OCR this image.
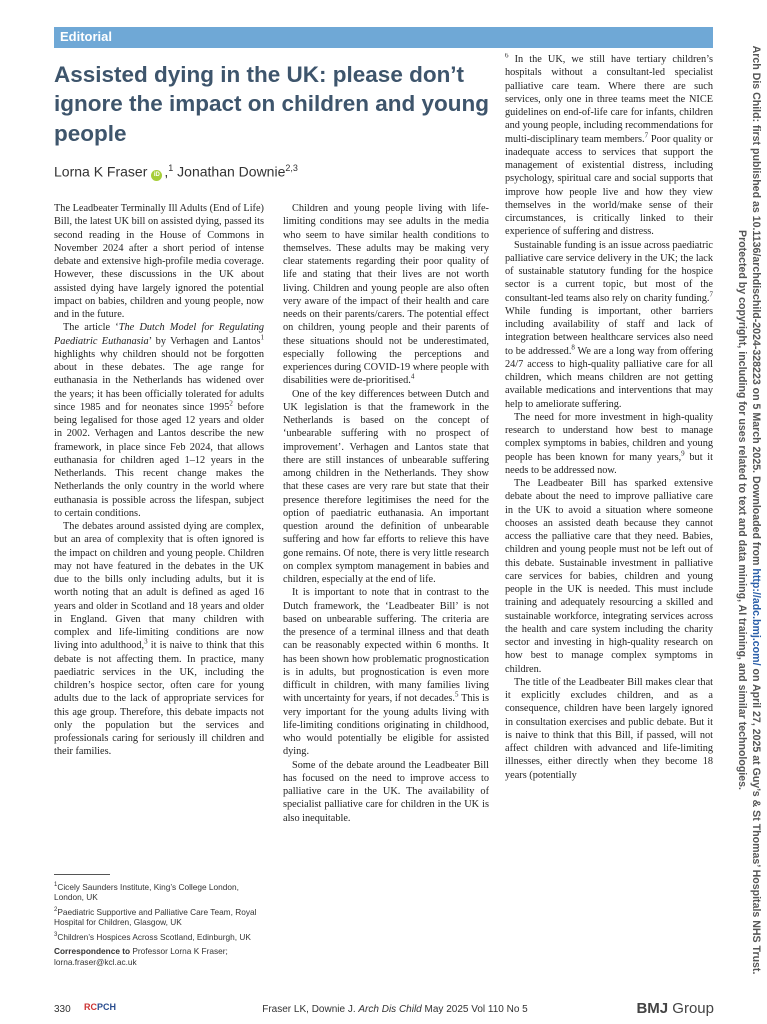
Editorial
Assisted dying in the UK: please don’t ignore the impact on children and young people
Lorna K Fraser iD ,$^1$ Jonathan Downie$^{2,3}$

The Leadbeater Terminally Ill Adults (End of Life) Bill, the latest UK bill on assisted dying, passed its second reading in the House of Commons in November 2024 after a short period of intense debate and extensive high-profile media coverage. However, these discussions in the UK about assisted dying have largely ignored the potential impact on babies, children and young people, now and in the future.

The article ‘The Dutch Model for Regulating Paediatric Euthanasia’ by Verhagen and Lantos$^1$ highlights why children should not be forgotten about in these debates. The age range for euthanasia in the Netherlands has widened over the years; it has been officially tolerated for adults since 1985 and for neonates since 1995$^2$ before being legalised for those aged 12 years and older in 2002. Verhagen and Lantos describe the new framework, in place since Feb 2024, that allows euthanasia for children aged 1–12 years in the Netherlands. This recent change makes the Netherlands the only country in the world where euthanasia is possible across the lifespan, subject to certain conditions.

The debates around assisted dying are complex, but an area of complexity that is often ignored is the impact on children and young people. Children may not have featured in the debates in the UK due to the bills only including adults, but it is worth noting that an adult is defined as aged 16 years and older in Scotland and 18 years and older in England. Given that many children with complex and life-limiting conditions are now living into adulthood,$^3$ it is naive to think that this debate is not affecting them. In practice, many paediatric services in the UK, including the children’s hospice sector, often care for young adults due to the lack of appropriate services for this age group. Therefore, this debate impacts not only the population but the services and professionals caring for seriously ill children and their families.

Children and young people living with life-limiting conditions may see adults in the media who seem to have similar health conditions to themselves. These adults may be making very clear statements regarding their poor quality of life and stating that their lives are not worth living. Children and young people are also often very aware of the impact of their health and care needs on their parents/carers. The potential effect on children, young people and their parents of these situations should not be underestimated, especially following the perceptions and experiences during COVID-19 where people with disabilities were de-prioritised.$^4$

One of the key differences between Dutch and UK legislation is that the framework in the Netherlands is based on the concept of ‘unbearable suffering with no prospect of improvement’. Verhagen and Lantos state that there are still instances of unbearable suffering among children in the Netherlands. They show that these cases are very rare but state that their presence therefore legitimises the need for the option of paediatric euthanasia. An important question around the definition of unbearable suffering and how far efforts to relieve this have gone remains. Of note, there is very little research on complex symptom management in babies and children, especially at the end of life.

It is important to note that in contrast to the Dutch framework, the ‘Leadbeater Bill’ is not based on unbearable suffering. The criteria are the presence of a terminal illness and that death can be reasonably expected within 6 months. It has been shown how problematic prognostication is in adults, but prognostication is even more difficult in children, with many families living with uncertainty for years, if not decades.$^5$ This is very important for the young adults living with life-limiting conditions originating in childhood, who would potentially be eligible for assisted dying.

Some of the debate around the Leadbeater Bill has focused on the need to improve access to palliative care in the UK. The availability of specialist palliative care for children in the UK is also inequitable.

$^6$ In the UK, we still have tertiary children’s hospitals without a consultant-led specialist palliative care team. Where there are such services, only one in three teams meet the NICE guidelines on end-of-life care for infants, children and young people, including recommendations for multi-disciplinary team members.$^7$ Poor quality or inadequate access to services that support the management of existential distress, including psychology, spiritual care and social supports that improve how people live and how they view themselves in the world/make sense of their circumstances, is critically linked to their experience of suffering and distress.

Sustainable funding is an issue across paediatric palliative care service delivery in the UK; the lack of sustainable statutory funding for the hospice sector is a current topic, but most of the consultant-led teams also rely on charity funding.$^7$ While funding is important, other barriers including availability of staff and lack of integration between healthcare services also need to be addressed.$^8$ We are a long way from offering 24/7 access to high-quality palliative care for all children, which means children are not getting available medications and interventions that may help to ameliorate suffering.

The need for more investment in high-quality research to understand how best to manage complex symptoms in babies, children and young people has been known for many years,$^9$ but it needs to be addressed now.

The Leadbeater Bill has sparked extensive debate about the need to improve palliative care in the UK to avoid a situation where someone chooses an assisted death because they cannot access the palliative care that they need. Babies, children and young people must not be left out of this debate. Sustainable investment in palliative care services for babies, children and young people in the UK is needed. This must include training and adequately resourcing a skilled and sustainable workforce, integrating services across the health and care system including the charity sector and investing in high-quality research on how best to manage complex symptoms in children.

The title of the Leadbeater Bill makes clear that it explicitly excludes children, and as a consequence, children have been largely ignored in consultation exercises and public debate. But it is naive to think that this Bill, if passed, will not affect children with advanced and life-limiting illnesses, either directly when they become 18 years (potentially

$^1$Cicely Saunders Institute, King’s College London, London, UK
$^2$Paediatric Supportive and Palliative Care Team, Royal Hospital for Children, Glasgow, UK
$^3$Children’s Hospices Across Scotland, Edinburgh, UK
Correspondence to Professor Lorna K Fraser;
lorna.fraser@kcl.ac.uk
330 RCPCH	Fraser LK, Downie J. Arch Dis Child May 2025 Vol 110 No 5	BMJ Group
Arch Dis Child: first published as 10.1136/archdischild-2024-328223 on 5 March 2025. Downloaded from http://adc.bmj.com/ on April 27, 2025 at Guy’s & St Thomas’ Hospitals NHS Trust. Protected by copyright, including for uses related to text and data mining, AI training, and similar technologies.
